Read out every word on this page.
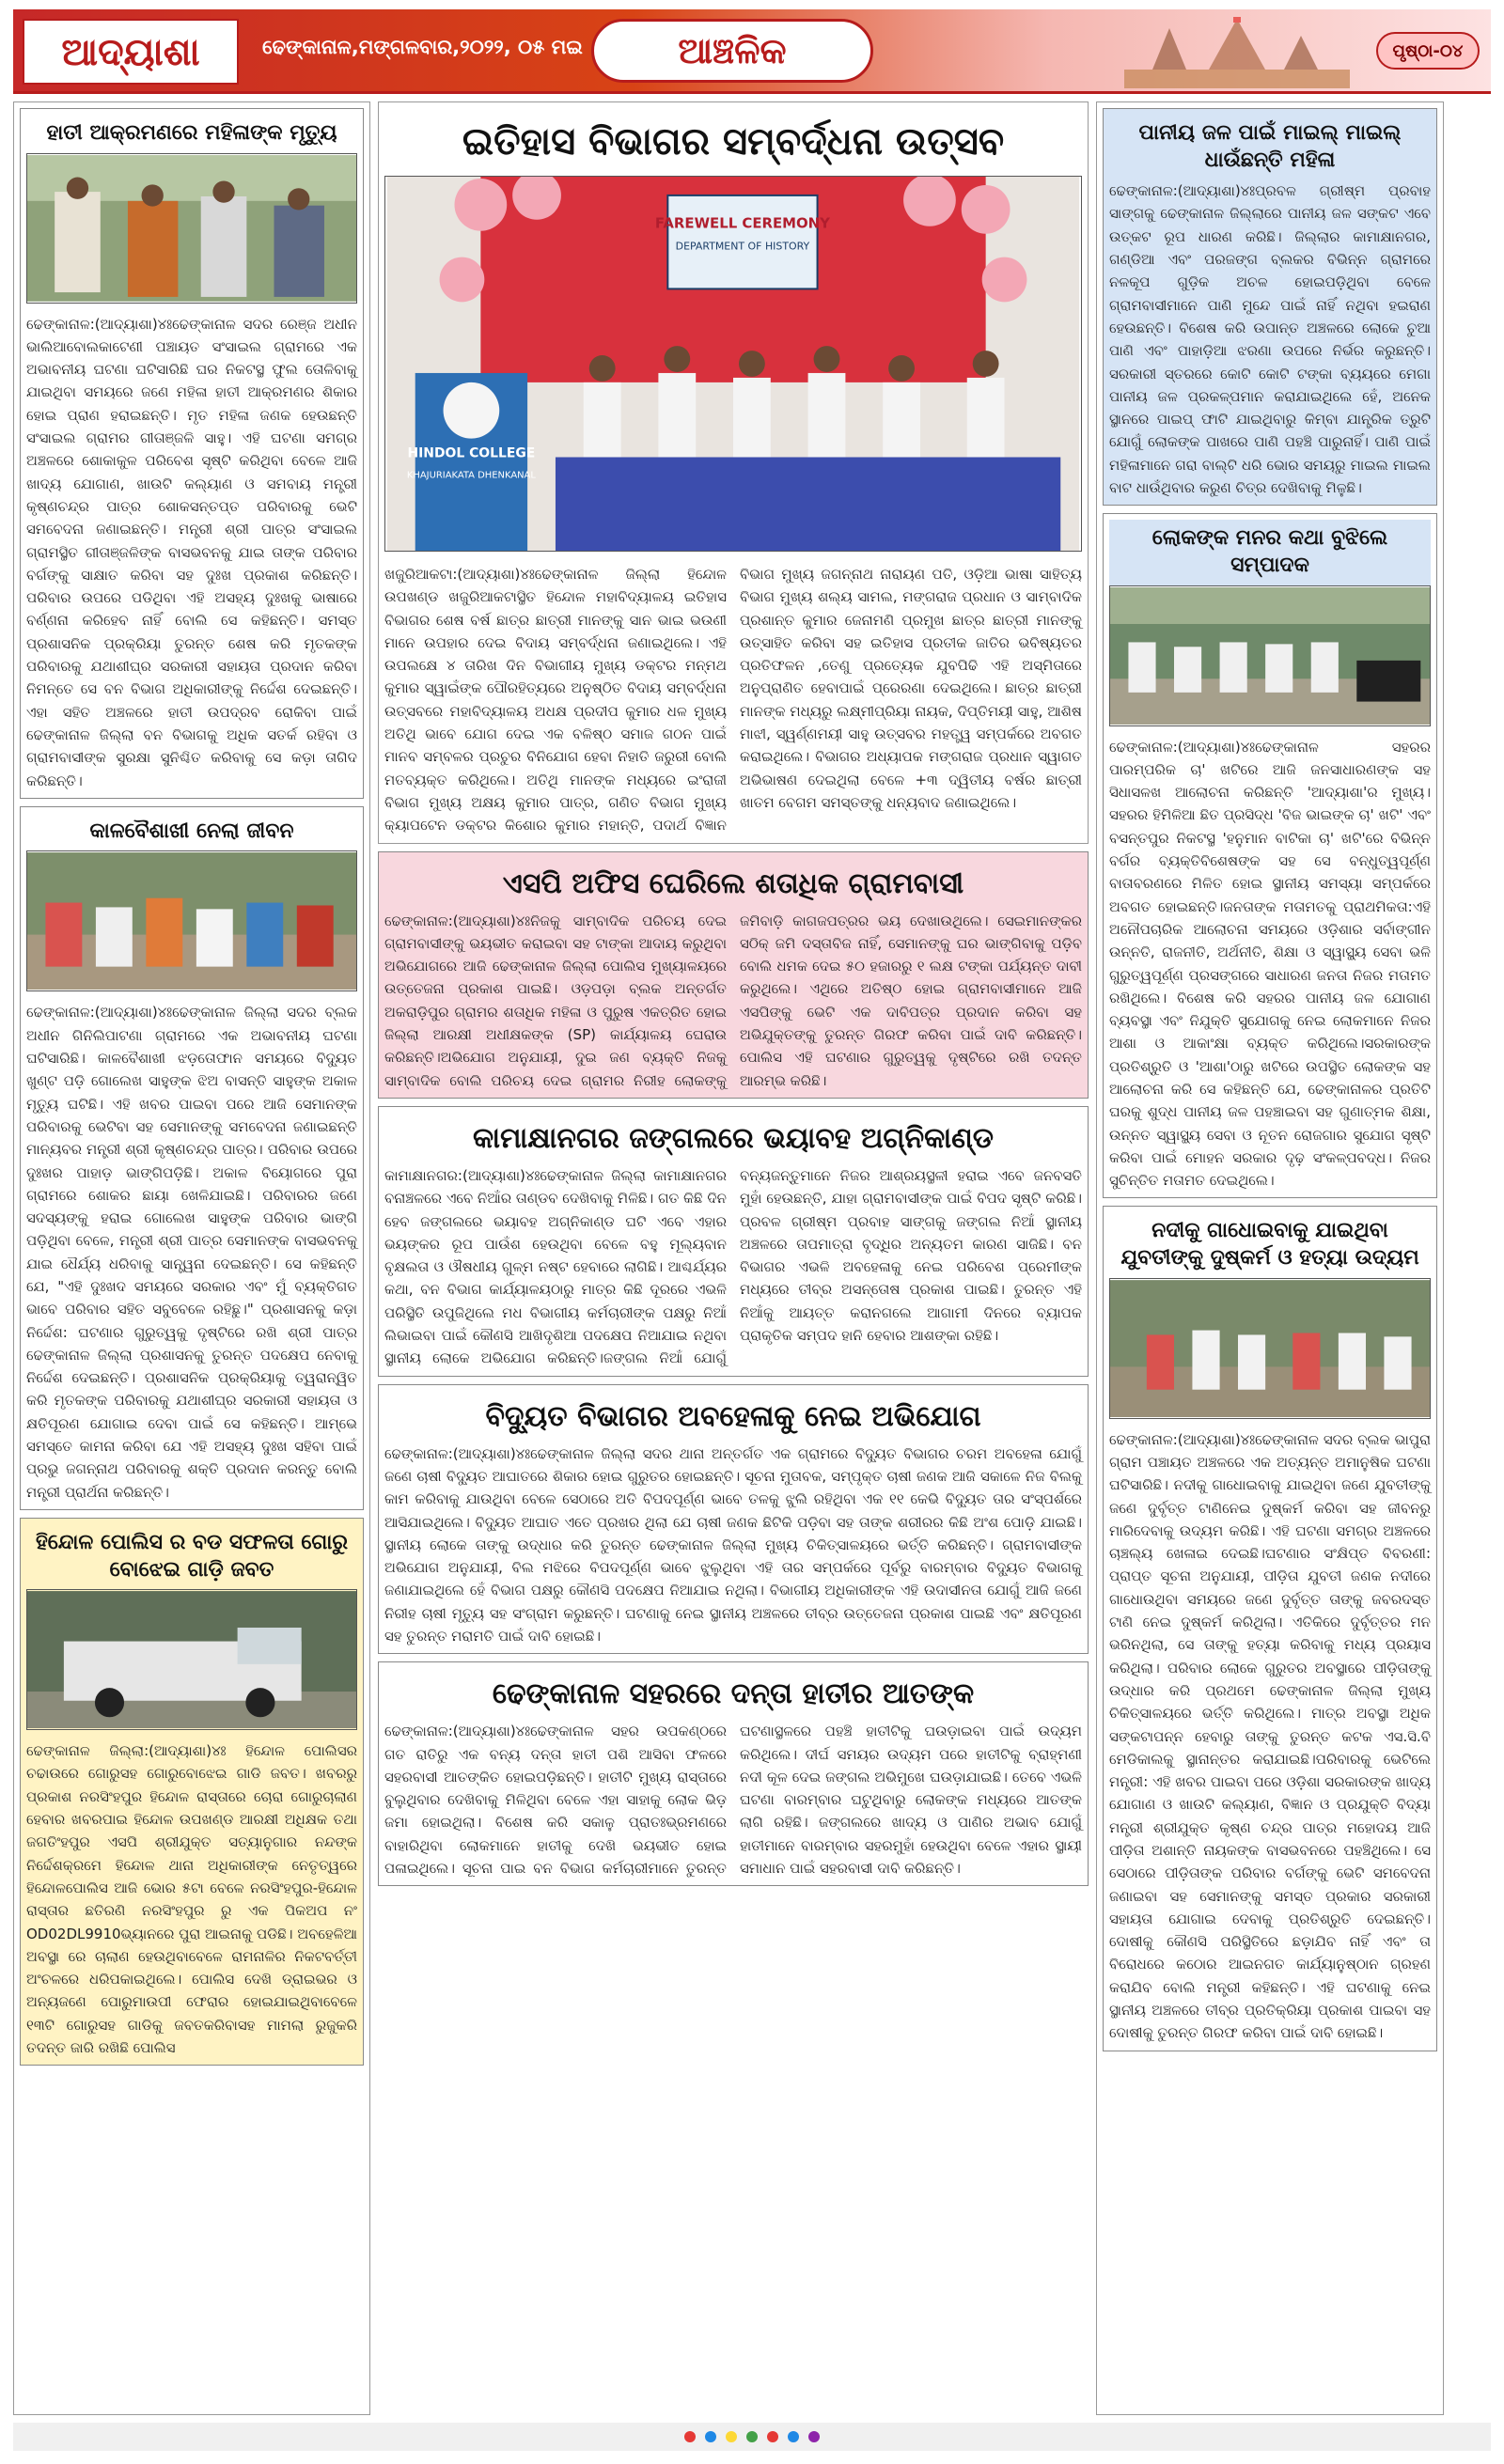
ଆଦ୍ୟାଶା	ଢେଙ୍କାନାଳ,ମଙ୍ଗଳବାର,୨୦୨୨, ୦୫ ମଇ	ଆଞ୍ଚଳିକ	ପୃଷ୍ଠା-୦୪
ହାତୀ ଆକ୍ରମଣରେ ମହିଳାଙ୍କ ମୃତ୍ୟୁ
ଢେଙ୍କାନାଳ:(ଆଦ୍ୟାଶା)୪ଃଢେଙ୍କାନାଳ ସଦର ରେଞ୍ଜ ଅଧୀନ ଭାଲିଆବୋଲକାଟେଣୀ ପଞ୍ଚାୟତ ସଂସାଇଲ ଗ୍ରାମରେ ଏକ ଅଭାବନୀୟ ଘଟଣା ଘଟିସାରିଛି ଘର ନିକଟସ୍ଥ ଫୁଲ ତୋଳିବାକୁ ଯାଇଥିବା ସମୟରେ ଜଣେ ମହିଳା ହାତୀ ଆକ୍ରମଣର ଶିକାର ହୋଇ ପ୍ରାଣ ହରାଇଛନ୍ତି। ମୃତ ମହିଳା ଜଣକ ହେଉଛନ୍ତି ସଂସାଇଲ ଗ୍ରାମର ଗୀତାଞ୍ଜଳି ସାହୁ। ଏହି ଘଟଣା ସମଗ୍ର ଅଞ୍ଚଳରେ ଶୋକାକୁଳ ପରିବେଶ ସୃଷ୍ଟି କରିଥିବା ବେଳେ ଆଜି ଖାଦ୍ୟ ଯୋଗାଣ, ଖାଉଟି କଲ୍ୟାଣ ଓ ସମବାୟ ମନ୍ତ୍ରୀ କୃଷ୍ଣଚନ୍ଦ୍ର ପାତ୍ର ଶୋକସନ୍ତପ୍ତ ପରିବାରକୁ ଭେଟି ସମବେଦନା ଜଣାଇଛନ୍ତି। ମନ୍ତ୍ରୀ ଶ୍ରୀ ପାତ୍ର ସଂସାଇଲ ଗ୍ରାମସ୍ଥିତ ଗୀତାଞ୍ଜଳିଙ୍କ ବାସଭବନକୁ ଯାଇ ତାଙ୍କ ପରିବାର ବର୍ଗଙ୍କୁ ସାକ୍ଷାତ କରିବା ସହ ଦୁଃଖ ପ୍ରକାଶ କରିଛନ୍ତି। ପରିବାର ଉପରେ ପଡିଥିବା ଏହି ଅସହ୍ୟ ଦୁଃଖକୁ ଭାଷାରେ ବର୍ଣ୍ଣନା କରିହେବ ନାହିଁ ବୋଲି ସେ କହିଛନ୍ତି। ସମସ୍ତ ପ୍ରଶାସନିକ ପ୍ରକ୍ରିୟା ତୁରନ୍ତ ଶେଷ କରି ମୃତକଙ୍କ ପରିବାରକୁ ଯଥାଶୀଘ୍ର ସରକାରୀ ସହାୟତା ପ୍ରଦାନ କରିବା ନିମନ୍ତେ ସେ ବନ ବିଭାଗ ଅଧିକାରୀଙ୍କୁ ନିର୍ଦ୍ଦେଶ ଦେଇଛନ୍ତି। ଏହା ସହିତ ଅଞ୍ଚଳରେ ହାତୀ ଉପଦ୍ରବ ରୋକିବା ପାଇଁ ଢେଙ୍କାନାଳ ଜିଲ୍ଲା ବନ ବିଭାଗକୁ ଅଧିକ ସତର୍କ ରହିବା ଓ ଗ୍ରାମବାସୀଙ୍କ ସୁରକ୍ଷା ସୁନିଶ୍ଚିତ କରିବାକୁ ସେ କଡ଼ା ତାଗିଦ କରିଛନ୍ତି।
କାଳବୈଶାଖୀ ନେଲା ଜୀବନ
ଢେଙ୍କାନାଳ:(ଆଦ୍ୟାଶା)୪ଃଢେଙ୍କାନାଳ ଜିଲ୍ଲା ସଦର ବ୍ଲକ ଅଧୀନ ଗିନିଲିପାଟଣା ଗ୍ରାମରେ ଏକ ଅଭାବନୀୟ ଘଟଣା ଘଟିସାରିଛି। କାଳବୈଶାଖୀ ଝଡ଼ତୋଫାନ ସମୟରେ ବିଦ୍ୟୁତ ଖୁଣ୍ଟ ପଡ଼ି ଗୋଲେଖ ସାହୁଙ୍କ ଝିଅ ବାସନ୍ତି ସାହୁଙ୍କ ଅକାଳ ମୃତ୍ୟୁ ଘଟିଛି। ଏହି ଖବର ପାଇବା ପରେ ଆଜି ସେମାନଙ୍କ ପରିବାରକୁ ଭେଟିବା ସହ ସେମାନଙ୍କୁ ସମବେଦନା ଜଣାଇଛନ୍ତି ମାନ୍ୟବର ମନ୍ତ୍ରୀ ଶ୍ରୀ କୃଷ୍ଣଚନ୍ଦ୍ର ପାତ୍ର। ପରିବାର ଉପରେ ଦୁଃଖର ପାହାଡ଼ ଭାଙ୍ଗିପଡ଼ିଛି। ଅକାଳ ବିୟୋଗରେ ପୁରା ଗ୍ରାମରେ ଶୋକର ଛାୟା ଖେଳିଯାଇଛି। ପରିବାରର ଜଣେ ସଦସ୍ୟଙ୍କୁ ହରାଇ ଗୋଲେଖ ସାହୁଙ୍କ ପରିବାର ଭାଙ୍ଗି ପଡ଼ିଥିବା ବେଳେ, ମନ୍ତ୍ରୀ ଶ୍ରୀ ପାତ୍ର ସେମାନଙ୍କ ବାସଭବନକୁ ଯାଇ ଧୈର୍ଯ୍ୟ ଧରିବାକୁ ସାନ୍ତ୍ୱନା ଦେଇଛନ୍ତି। ସେ କହିଛନ୍ତି ଯେ, "ଏହି ଦୁଃଖଦ ସମୟରେ ସରକାର ଏବଂ ମୁଁ ବ୍ୟକ୍ତିଗତ ଭାବେ ପରିବାର ସହିତ ସବୁବେଳେ ରହିଛୁ।" ପ୍ରଶାସନକୁ କଡ଼ା ନିର୍ଦ୍ଦେଶ: ଘଟଣାର ଗୁରୁତ୍ୱକୁ ଦୃଷ୍ଟିରେ ରଖି ଶ୍ରୀ ପାତ୍ର ଢେଙ୍କାନାଳ ଜିଲ୍ଲା ପ୍ରଶାସନକୁ ତୁରନ୍ତ ପଦକ୍ଷେପ ନେବାକୁ ନିର୍ଦ୍ଦେଶ ଦେଇଛନ୍ତି। ପ୍ରଶାସନିକ ପ୍ରକ୍ରିୟାକୁ ତ୍ୱରାନ୍ୱିତ କରି ମୃତକଙ୍କ ପରିବାରକୁ ଯଥାଶୀଘ୍ର ସରକାରୀ ସହାୟତା ଓ କ୍ଷତିପୂରଣ ଯୋଗାଇ ଦେବା ପାଇଁ ସେ କହିଛନ୍ତି। ଆମ୍ଭେ ସମସ୍ତେ କାମନା କରିବା ଯେ ଏହି ଅସହ୍ୟ ଦୁଃଖ ସହିବା ପାଇଁ ପ୍ରଭୁ ଜଗନ୍ନାଥ ପରିବାରକୁ ଶକ୍ତି ପ୍ରଦାନ କରନ୍ତୁ ବୋଲି ମନ୍ତ୍ରୀ ପ୍ରାର୍ଥନା କରିଛନ୍ତି।
ହିନ୍ଦୋଳ ପୋଲିସ ର ବଡ ସଫଳତା ଗୋରୁ ବୋଝେଇ ଗାଡ଼ି ଜବତ
ଢେଙ୍କାନାଳ ଜିଲ୍ଲା:(ଆଦ୍ୟାଶା)୪ଃ ହିନ୍ଦୋଳ ପୋଲିସର ଚଢାଉରେ ଗୋରୁସହ ଗୋରୁବୋଝେଇ ଗାଡି ଜବତ। ଖବରରୁ ପ୍ରକାଶ ନରସିଂହପୁର ହିନ୍ଦୋଳ ରାସ୍ତାରେ ଚୋରା ଗୋରୁଚାଲାଣ ହେବାର ଖବରପାଇ ହିନ୍ଦୋଳ ଉପଖଣ୍ଡ ଆରକ୍ଷୀ ଅଧିକ୍ଷକ ତଥା ଜଗତିଂହପୁର ଏସପି ଶ୍ରୀଯୁକ୍ତ ସତ୍ୟାନୁଗାର ନନ୍ଦଙ୍କ ନିର୍ଦ୍ଦେଶକ୍ରମେ ହିନ୍ଦୋଳ ଥାନା ଅଧିକାରୀଙ୍କ ନେତୃତ୍ୱରେ ହିନ୍ଦୋଳପୋଲିସ ଆଜି ଭୋର ୫ଟା ବେଳେ ନରସିଂହପୁର-ହିନ୍ଦୋଳ ରାସ୍ତାର ଛତିରଣି ନରସିଂହପୁର ରୁ ଏକ ପିକଅପ ନଂ OD02DL9910ଭ୍ୟାନରେ ପୁରା ଆଇନାକୁ ପଡିଛି। ଅବହେଳିଆ ଅବସ୍ଥା ରେ ଚାଲାଣ ହେଉଥିବାବେଳେ ରାମନାଳିର ନିକଟବର୍ତ୍ତୀ ଅଂଚଳରେ ଧରିପକାଇଥିଲେ। ପୋଲିସ ଦେଖି ଡ୍ରାଇଭର ଓ ଅନ୍ୟଜଣେ ପୋରୁମାଉପୀ ଫେରାର ହୋଇଯାଇଥିବାବେଳେ ୧୩ଟି ଗୋରୁସହ ଗାଡିକୁ ଜବତକରିବାସହ ମାମଲା ରୁଜୁକରି ତଦନ୍ତ ଜାରି ରଖିଛି ପୋଲିସ
ଇତିହାସ ବିଭାଗର ସମ୍ବର୍ଦ୍ଧନା ଉତ୍ସବ
FAREWELL CEREMONY
DEPARTMENT OF HISTORY
HINDOL COLLEGE
KHAJURIAKATA DHENKANAL
ଖଜୁରିଆକଟା:(ଆଦ୍ୟାଶା)୪ଃଢେଙ୍କାନାଳ ଜିଲ୍ଲା ହିନ୍ଦୋଳ ଉପଖଣ୍ଡ ଖଜୁରିଆକଟାସ୍ଥିତ ହିନ୍ଦୋଳ ମହାବିଦ୍ୟାଳୟ ଇତିହାସ ବିଭାଗର ଶେଷ ବର୍ଷ ଛାତ୍ର ଛାତ୍ରୀ ମାନଙ୍କୁ ସାନ ଭାଇ ଭଉଣୀ ମାନେ ଉପହାର ଦେଇ ବିଦାୟ ସମ୍ବର୍ଦ୍ଧନା ଜଣାଇଥିଲେ। ଏହି ଉପଲକ୍ଷେ ୪ ତାରିଖ ଦିନ ବିଭାଗୀୟ ମୁଖ୍ୟ ଡକ୍ଟର ମନ୍ମଥ କୁମାର ସ୍ୱାଇଁଙ୍କ ପୌରହିତ୍ୟରେ ଅନୁଷ୍ଠିତ ବିଦାୟ ସମ୍ବର୍ଦ୍ଧନା ଉତ୍ସବରେ ମହାବିଦ୍ୟାଳୟ ଅଧକ୍ଷ ପ୍ରଦୀପ କୁମାର ଧଳ ମୁଖ୍ୟ ଅତିଥି ଭାବେ ଯୋଗ ଦେଇ ଏକ ବଳିଷ୍ଠ ସମାଜ ଗଠନ ପାଇଁ ମାନବ ସମ୍ବଳର ପ୍ରଚୁର ବିନିଯୋଗ ହେବା ନିହାତି ଜରୁରୀ ବୋଲି ମତବ୍ୟକ୍ତ କରିଥିଲେ। ଅତିଥି ମାନଙ୍କ ମଧ୍ୟରେ ଇଂରାଜୀ ବିଭାଗ ମୁଖ୍ୟ ଅକ୍ଷୟ କୁମାର ପାତ୍ର, ଗଣିତ ବିଭାଗ ମୁଖ୍ୟ କ୍ୟାପଟେନ ଡକ୍ଟର କିଶୋର କୁମାର ମହାନ୍ତି, ପଦାର୍ଥ ବିଜ୍ଞାନ ବିଭାଗ ମୁଖ୍ୟ ଜଗନ୍ନାଥ ନାରାୟଣ ପତି, ଓଡ଼ିଆ ଭାଷା ସାହିତ୍ୟ ବିଭାଗ ମୁଖ୍ୟ ଶଲ୍ୟ ସାମଲ, ମଙ୍ଗରାଜ ପ୍ରଧାନ ଓ ସାମ୍ବାଦିକ ପ୍ରଶାନ୍ତ କୁମାର ଜେନାମଣି ପ୍ରମୁଖ ଛାତ୍ର ଛାତ୍ରୀ ମାନଙ୍କୁ ଉତ୍ସାହିତ କରିବା ସହ ଇତିହାସ ପ୍ରତୀକ ଜାତିର ଭବିଷ୍ୟତର ପ୍ରତିଫଳନ ,ତେଣୁ ପ୍ରତ୍ୟେକ ଯୁବପିଢି ଏହି ଅସ୍ମିତାରେ ଅନୁପ୍ରାଣିତ ହେବାପାଇଁ ପ୍ରେରଣା ଦେଇଥିଲେ। ଛାତ୍ର ଛାତ୍ରୀ ମାନଙ୍କ ମଧ୍ୟରୁ ଲକ୍ଷ୍ମୀପ୍ରିୟା ନାୟକ, ଦିପ୍ତିମୟୀ ସାହୁ, ଆଶିଷ ମାଝୀ, ସ୍ୱର୍ଣ୍ଣମୟୀ ସାହୁ ଉତ୍ସବର ମହତ୍ତ୍ୱ ସମ୍ପର୍କରେ ଅବଗତ କରାଇଥିଲେ। ବିଭାଗର ଅଧ୍ୟାପକ ମଙ୍ଗରାଜ ପ୍ରଧାନ ସ୍ୱାଗତ ଅଭିଭାଷଣ ଦେଇଥିଲା ବେଳେ +୩ ଦ୍ୱିତୀୟ ବର୍ଷର ଛାତ୍ରୀ ଖାତମ ବେଗମ ସମସ୍ତଙ୍କୁ ଧନ୍ୟବାଦ ଜଣାଇଥିଲେ।
ଏସପି ଅଫିସ ଘେରିଲେ ଶତାଧିକ ଗ୍ରାମବାସୀ
ଢେଙ୍କାନାଳ:(ଆଦ୍ୟାଶା)୪ଃନିଜକୁ ସାମ୍ବାଦିକ ପରିଚୟ ଦେଇ ଗ୍ରାମବାସୀଙ୍କୁ ଭୟଭୀତ କରାଇବା ସହ ଟାଙ୍କା ଆଦାୟ କରୁଥିବା ଅଭିଯୋଗରେ ଆଜି ଢେଙ୍କାନାଳ ଜିଲ୍ଲା ପୋଲିସ ମୁଖ୍ୟାଳୟରେ ଉତ୍ତେଜନା ପ୍ରକାଶ ପାଇଛି। ଓଡ଼ପଡ଼ା ବ୍ଲକ ଅନ୍ତର୍ଗତ ଅକରାଡ଼ିପୁର ଗ୍ରାମର ଶତାଧିକ ମହିଳା ଓ ପୁରୁଷ ଏକତ୍ରିତ ହୋଇ ଜିଲ୍ଲା ଆରକ୍ଷୀ ଅଧୀକ୍ଷକଙ୍କ (SP) କାର୍ଯ୍ୟାଳୟ ଘେରାଉ କରିଛନ୍ତି।ଅଭିଯୋଗ ଅନୁଯାୟୀ, ଦୁଇ ଜଣ ବ୍ୟକ୍ତି ନିଜକୁ ସାମ୍ବାଦିକ ବୋଲି ପରିଚୟ ଦେଇ ଗ୍ରାମର ନିରୀହ ଲୋକଙ୍କୁ ଜମିବାଡ଼ି କାଗଜପତ୍ରର ଭୟ ଦେଖାଉଥିଲେ। ସେଇମାନଙ୍କର ସଠିକ୍ ଜମି ଦସ୍ତାବିଜ ନାହିଁ, ସେମାନଙ୍କୁ ଘର ଭାଙ୍ଗିବାକୁ ପଡ଼ିବ ବୋଲି ଧମକ ଦେଇ ୫୦ ହଜାରରୁ ୧ ଲକ୍ଷ ଟଙ୍କା ପର୍ଯ୍ୟନ୍ତ ଦାବୀ କରୁଥିଲେ। ଏଥିରେ ଅତିଷ୍ଠ ହୋଇ ଗ୍ରାମବାସୀମାନେ ଆଜି ଏସପିଙ୍କୁ ଭେଟି ଏକ ଦାବିପତ୍ର ପ୍ରଦାନ କରିବା ସହ ଅଭିଯୁକ୍ତଙ୍କୁ ତୁରନ୍ତ ଗିରଫ କରିବା ପାଇଁ ଦାବି କରିଛନ୍ତି। ପୋଲିସ ଏହି ଘଟଣାର ଗୁରୁତ୍ୱକୁ ଦୃଷ୍ଟିରେ ରଖି ତଦନ୍ତ ଆରମ୍ଭ କରିଛି।
କାମାକ୍ଷାନଗର ଜଙ୍ଗଲରେ ଭୟାବହ ଅଗ୍ନିକାଣ୍ଡ
କାମାକ୍ଷାନଗର:(ଆଦ୍ୟାଶା)୪ଃଢେଙ୍କାନାଳ ଜିଲ୍ଲା କାମାକ୍ଷାନଗର ବନାଞ୍ଚଳରେ ଏବେ ନିଆଁର ତାଣ୍ଡବ ଦେଖିବାକୁ ମିଳିଛି। ଗତ କିଛି ଦିନ ହେବ ଜଙ୍ଗଲରେ ଭୟାବହ ଅଗ୍ନିକାଣ୍ଡ ଘଟି ଏବେ ଏହାର ଭୟଙ୍କର ରୂପ ପାଉଁଶ ହେଉଥିବା ବେଳେ ବହୁ ମୂଲ୍ୟବାନ ବୃକ୍ଷଲତା ଓ ଔଷଧୀୟ ଗୁଳ୍ମ ନଷ୍ଟ ହେବାରେ ଲାଗିଛି। ଆଶ୍ଚର୍ଯ୍ୟର କଥା, ବନ ବିଭାଗ କାର୍ଯ୍ୟାଳୟଠାରୁ ମାତ୍ର କିଛି ଦୂରରେ ଏଭଳି ପରିସ୍ଥିତି ଉପୁଜିଥିଲେ ମଧ ବିଭାଗୀୟ କର୍ମଚାରୀଙ୍କ ପକ୍ଷରୁ ନିଆଁ ଲିଭାଇବା ପାଇଁ କୌଣସି ଆଖିଦୃଶିଆ ପଦକ୍ଷେପ ନିଆଯାଇ ନଥିବା ସ୍ଥାନୀୟ ଲୋକେ ଅଭିଯୋଗ କରିଛନ୍ତି।ଜଙ୍ଗଲ ନିଆଁ ଯୋଗୁଁ ବନ୍ୟଜନ୍ତୁମାନେ ନିଜର ଆଶ୍ରୟସ୍ଥଳୀ ହରାଇ ଏବେ ଜନବସତି ମୁହାଁ ହେଉଛନ୍ତି, ଯାହା ଗ୍ରାମବାସୀଙ୍କ ପାଇଁ ବିପଦ ସୃଷ୍ଟି କରିଛି। ପ୍ରବଳ ଗ୍ରୀଷ୍ମ ପ୍ରବାହ ସାଙ୍ଗକୁ ଜଙ୍ଗଲ ନିଆଁ ସ୍ଥାନୀୟ ଅଞ୍ଚଳରେ ତାପମାତ୍ରା ବୃଦ୍ଧିର ଅନ୍ୟତମ କାରଣ ସାଜିଛି। ବନ ବିଭାଗର ଏଭଳି ଅବହେଳାକୁ ନେଇ ପରିବେଶ ପ୍ରେମୀଙ୍କ ମଧ୍ୟରେ ତୀବ୍ର ଅସନ୍ତୋଷ ପ୍ରକାଶ ପାଇଛି। ତୁରନ୍ତ ଏହି ନିଆଁକୁ ଆୟତ୍ତ କରାନଗଲେ ଆଗାମୀ ଦିନରେ ବ୍ୟାପକ ପ୍ରାକୃତିକ ସମ୍ପଦ ହାନି ହେବାର ଆଶଙ୍କା ରହିଛି।
ବିଦ୍ୟୁତ ବିଭାଗର ଅବହେଳାକୁ ନେଇ ଅଭିଯୋଗ
ଢେଙ୍କାନାଳ:(ଆଦ୍ୟାଶା)୪ଃଢେଙ୍କାନାଳ ଜିଲ୍ଲା ସଦର ଥାନା ଅନ୍ତର୍ଗତ ଏକ ଗ୍ରାମରେ ବିଦ୍ୟୁତ ବିଭାଗର ଚରମ ଅବହେଳା ଯୋଗୁଁ ଜଣେ ଚାଷୀ ବିଦ୍ୟୁତ ଆଘାତରେ ଶିକାର ହୋଇ ଗୁରୁତର ହୋଇଛନ୍ତି। ସୂଚନା ମୁତାବକ, ସମ୍ପୃକ୍ତ ଚାଷୀ ଜଣକ ଆଜି ସକାଳେ ନିଜ ବିଲକୁ କାମ କରିବାକୁ ଯାଉଥିବା ବେଳେ ସେଠାରେ ଅତି ବିପଦପୂର୍ଣ୍ଣ ଭାବେ ତଳକୁ ଝୁଲି ରହିଥିବା ଏକ ୧୧ କେଭି ବିଦ୍ୟୁତ ତାର ସଂସ୍ପର୍ଶରେ ଆସିଯାଇଥିଲେ। ବିଦ୍ୟୁତ ଆଘାତ ଏତେ ପ୍ରଖର ଥିଲା ଯେ ଚାଷୀ ଜଣକ ଛିଟିକି ପଡ଼ିବା ସହ ତାଙ୍କ ଶରୀରର କିଛି ଅଂଶ ପୋଡ଼ି ଯାଇଛି।ସ୍ଥାନୀୟ ଲୋକେ ତାଙ୍କୁ ଉଦ୍ଧାର କରି ତୁରନ୍ତ ଢେଙ୍କାନାଳ ଜିଲ୍ଲା ମୁଖ୍ୟ ଚିକିତ୍ସାଳୟରେ ଭର୍ତ୍ତି କରିଛନ୍ତି। ଗ୍ରାମବାସୀଙ୍କ ଅଭିଯୋଗ ଅନୁଯାୟୀ, ବିଲ ମଝିରେ ବିପଦପୂର୍ଣ୍ଣ ଭାବେ ଝୁଲୁଥିବା ଏହି ତାର ସମ୍ପର୍କରେ ପୂର୍ବରୁ ବାରମ୍ବାର ବିଦ୍ୟୁତ ବିଭାଗକୁ ଜଣାଯାଇଥିଲେ ହେଁ ବିଭାଗ ପକ୍ଷରୁ କୌଣସି ପଦକ୍ଷେପ ନିଆଯାଇ ନଥିଲା। ବିଭାଗୀୟ ଅଧିକାରୀଙ୍କ ଏହି ଉଦାସୀନତା ଯୋଗୁଁ ଆଜି ଜଣେ ନିରୀହ ଚାଷୀ ମୃତ୍ୟୁ ସହ ସଂଗ୍ରାମ କରୁଛନ୍ତି। ଘଟଣାକୁ ନେଇ ସ୍ଥାନୀୟ ଅଞ୍ଚଳରେ ତୀବ୍ର ଉତ୍ତେଜନା ପ୍ରକାଶ ପାଇଛି ଏବଂ କ୍ଷତିପୂରଣ ସହ ତୁରନ୍ତ ମରାମତି ପାଇଁ ଦାବି ହୋଇଛି।
ଢେଙ୍କାନାଳ ସହରରେ ଦନ୍ତା ହାତୀର ଆତଙ୍କ
ଢେଙ୍କାନାଳ:(ଆଦ୍ୟାଶା)୪ଃଢେଙ୍କାନାଳ ସହର ଉପକଣ୍ଠରେ ଗତ ରାତିରୁ ଏକ ବନ୍ୟ ଦନ୍ତା ହାତୀ ପଶି ଆସିବା ଫଳରେ ସହରବାସୀ ଆତଙ୍କିତ ହୋଇପଡ଼ିଛନ୍ତି। ହାତୀଟି ମୁଖ୍ୟ ରାସ୍ତାରେ ବୁଲୁଥିବାର ଦେଖିବାକୁ ମିଳିଥିବା ବେଳେ ଏହା ସାହାକୁ ଲୋକ ଭିଡ଼ ଜମା ହୋଇଥିଲା। ବିଶେଷ କରି ସକାଳୁ ପ୍ରାତଃଭ୍ରମଣରେ ବାହାରିଥିବା ଲୋକମାନେ ହାତୀକୁ ଦେଖି ଭୟଭୀତ ହୋଇ ପଳାଇଥିଲେ। ସୂଚନା ପାଇ ବନ ବିଭାଗ କର୍ମଚାରୀମାନେ ତୁରନ୍ତ ଘଟଣାସ୍ଥଳରେ ପହଞ୍ଚି ହାତୀଟିକୁ ଘଉଡ଼ାଇବା ପାଇଁ ଉଦ୍ୟମ କରିଥିଲେ। ଦୀର୍ଘ ସମୟର ଉଦ୍ୟମ ପରେ ହାତୀଟିକୁ ବ୍ରାହ୍ମଣୀ ନଦୀ କୂଳ ଦେଇ ଜଙ୍ଗଲ ଅଭିମୁଖେ ଘଉଡ଼ାଯାଇଛି। ତେବେ ଏଭଳି ଘଟଣା ବାରମ୍ବାର ଘଟୁଥିବାରୁ ଲୋକଙ୍କ ମଧ୍ୟରେ ଆତଙ୍କ ଲାଗି ରହିଛି। ଜଙ୍ଗଲରେ ଖାଦ୍ୟ ଓ ପାଣିର ଅଭାବ ଯୋଗୁଁ ହାତୀମାନେ ବାରମ୍ବାର ସହରମୁହାଁ ହେଉଥିବା ବେଳେ ଏହାର ସ୍ଥାୟୀ ସମାଧାନ ପାଇଁ ସହରବାସୀ ଦାବି କରିଛନ୍ତି।
ପାନୀୟ ଜଳ ପାଇଁ ମାଇଲ୍ ମାଇଲ୍ ଧାଉଁଛନ୍ତି ମହିଳା
ଢେଙ୍କାନାଳ:(ଆଦ୍ୟାଶା)୪ଃପ୍ରବଳ ଗ୍ରୀଷ୍ମ ପ୍ରବାହ ସାଙ୍ଗକୁ ଢେଙ୍କାନାଳ ଜିଲ୍ଲାରେ ପାନୀୟ ଜଳ ସଙ୍କଟ ଏବେ ଉତ୍କଟ ରୂପ ଧାରଣ କରିଛି। ଜିଲ୍ଲାର କାମାକ୍ଷାନଗର, ଗଣ୍ଡିଆ ଏବଂ ପରଜଙ୍ଗ ବ୍ଲକର ବିଭିନ୍ନ ଗ୍ରାମରେ ନଳକୂପ ଗୁଡ଼ିକ ଅଚଳ ହୋଇପଡ଼ିଥିବା ବେଳେ ଗ୍ରାମବାସୀମାନେ ପାଣି ମୁନ୍ଦେ ପାଇଁ ନାହିଁ ନଥିବା ହଇରାଣ ହେଉଛନ୍ତି। ବିଶେଷ କରି ଉପାନ୍ତ ଅଞ୍ଚଳରେ ଲୋକେ ଚୁଆ ପାଣି ଏବଂ ପାହାଡ଼ିଆ ଝରଣା ଉପରେ ନିର୍ଭର କରୁଛନ୍ତି। ସରକାରୀ ସ୍ତରରେ କୋଟି କୋଟି ଟଙ୍କା ବ୍ୟୟରେ ମେଗା ପାନୀୟ ଜଳ ପ୍ରକଳ୍ପମାନ କରାଯାଇଥିଲେ ହେଁ, ଅନେକ ସ୍ଥାନରେ ପାଇପ୍ ଫାଟି ଯାଇଥିବାରୁ କିମ୍ବା ଯାନ୍ତ୍ରିକ ତ୍ରୁଟି ଯୋଗୁଁ ଲୋକଙ୍କ ପାଖରେ ପାଣି ପହଞ୍ଚି ପାରୁନାହିଁ। ପାଣି ପାଇଁ ମହିଳାମାନେ ଗରା ବାଲ୍‌ଟି ଧରି ଭୋର ସମୟରୁ ମାଇଲ ମାଇଲ ବାଟ ଧାଉଁଥିବାର କରୁଣ ଚିତ୍ର ଦେଖିବାକୁ ମିଳୁଛି।
ଲୋକଙ୍କ ମନର କଥା ବୁଝିଲେ ସମ୍ପାଦକ
ଢେଙ୍କାନାଳ:(ଆଦ୍ୟାଶା)୪ଃଢେଙ୍କାନାଳ ସହରର ପାରମ୍ପରିକ ଚା' ଖଟିରେ ଆଜି ଜନସାଧାରଣଙ୍କ ସହ ସିଧାସଳଖ ଆଲୋଚନା କରିଛନ୍ତି 'ଆଦ୍ୟାଶା'ର ମୁଖ୍ୟ। ସହରର ହିମିଳିଆ ଛିତ ପ୍ରସିଦ୍ଧ 'ବିଜ ଭାଇଙ୍କ ଚା' ଖଟି' ଏବଂ ବସନ୍ତପୁର ନିକଟସ୍ଥ 'ହନୁମାନ ବାଟିକା ଚା' ଖଟି'ରେ ବିଭିନ୍ନ ବର୍ଗର ବ୍ୟକ୍ତିବିଶେଷଙ୍କ ସହ ସେ ବନ୍ଧୁତ୍ୱପୂର୍ଣ୍ଣ ବାତାବରଣରେ ମିଳିତ ହୋଇ ସ୍ଥାନୀୟ ସମସ୍ୟା ସମ୍ପର୍କରେ ଅବଗତ ହୋଇଛନ୍ତି।ଜନତାଙ୍କ ମତାମତକୁ ପ୍ରାଥମିକତା:ଏହି ଅନୌପଚାରିକ ଆଲୋଚନା ସମୟରେ ଓଡ଼ିଶାର ସର୍ବାଙ୍ଗୀନ ଉନ୍ନତି, ରାଜନୀତି, ଅର୍ଥନୀତି, ଶିକ୍ଷା ଓ ସ୍ୱାସ୍ଥ୍ୟ ସେବା ଭଳି ଗୁରୁତ୍ୱପୂର୍ଣ୍ଣ ପ୍ରସଙ୍ଗରେ ସାଧାରଣ ଜନତା ନିଜର ମତାମତ ରଖିଥିଲେ। ବିଶେଷ କରି ସହରର ପାନୀୟ ଜଳ ଯୋଗାଣ ବ୍ୟବସ୍ଥା ଏବଂ ନିଯୁକ୍ତି ସୁଯୋଗକୁ ନେଇ ଲୋକମାନେ ନିଜର ଆଶା ଓ ଆକାଂକ୍ଷା ବ୍ୟକ୍ତ କରିଥିଲେ।ସରକାରଙ୍କ ପ୍ରତିଶ୍ରୁତି ଓ 'ଆଶା'ଠାରୁ ଖଟିରେ ଉପସ୍ଥିତ ଲୋକଙ୍କ ସହ ଆଲୋଚନା କରି ସେ କହିଛନ୍ତି ଯେ, ଢେଙ୍କାନାଳର ପ୍ରତିଟି ଘରକୁ ଶୁଦ୍ଧ ପାନୀୟ ଜଳ ପହଞ୍ଚାଇବା ସହ ଗୁଣାତ୍ମକ ଶିକ୍ଷା, ଉନ୍ନତ ସ୍ୱାସ୍ଥ୍ୟ ସେବା ଓ ନୂତନ ରୋଜଗାର ସୁଯୋଗ ସୃଷ୍ଟି କରିବା ପାଇଁ ମୋହନ ସରକାର ଦୃଢ଼ ସଂକଳ୍ପବଦ୍ଧ। ନିଜର ସୁଚିନ୍ତିତ ମତାମତ ଦେଇଥିଲେ।
ନଦୀକୁ ଗାଧୋଇବାକୁ ଯାଇଥିବା ଯୁବତୀଙ୍କୁ ଦୁଷ୍କର୍ମ ଓ ହତ୍ୟା ଉଦ୍ୟମ
ଢେଙ୍କାନାଳ:(ଆଦ୍ୟାଶା)୪ଃଢେଙ୍କାନାଳ ସଦର ବ୍ଲକ ଭାପୁରା ଗ୍ରାମ ପଞ୍ଚାୟତ ଅଞ୍ଚଳରେ ଏକ ଅତ୍ୟନ୍ତ ଅମାନୁଷିକ ଘଟଣା ଘଟିସାରିଛି। ନଦୀକୁ ଗାଧୋଇବାକୁ ଯାଇଥିବା ଜଣେ ଯୁବତୀଙ୍କୁ ଜଣେ ଦୁର୍ବୃତ୍ତ ଟାଣିନେଇ ଦୁଷ୍କର୍ମ କରିବା ସହ ଜୀବନରୁ ମାରିଦେବାକୁ ଉଦ୍ୟମ କରିଛି। ଏହି ଘଟଣା ସମଗ୍ର ଅଞ୍ଚଳରେ ଚାଞ୍ଚଲ୍ୟ ଖେଳାଇ ଦେଇଛି।ଘଟଣାର ସଂକ୍ଷିପ୍ତ ବିବରଣୀ: ପ୍ରାପ୍ତ ସୂଚନା ଅନୁଯାୟୀ, ପୀଡ଼ିତା ଯୁବତୀ ଜଣକ ନଦୀରେ ଗାଧୋଉଥିବା ସମୟରେ ଜଣେ ଦୁର୍ବୃତ୍ତ ତାଙ୍କୁ ଜବରଦସ୍ତ ଟାଣି ନେଇ ଦୁଷ୍କର୍ମ କରିଥିଲା। ଏତିକିରେ ଦୁର୍ବୃତ୍ତର ମନ ଭରିନଥିଲା, ସେ ତାଙ୍କୁ ହତ୍ୟା କରିବାକୁ ମଧ୍ୟ ପ୍ରୟାସ କରିଥିଲା। ପରିବାର ଲୋକେ ଗୁରୁତର ଅବସ୍ଥାରେ ପୀଡ଼ିତାଙ୍କୁ ଉଦ୍ଧାର କରି ପ୍ରଥମେ ଢେଙ୍କାନାଳ ଜିଲ୍ଲା ମୁଖ୍ୟ ଚିକିତ୍ସାଳୟରେ ଭର୍ତ୍ତି କରିଥିଲେ। ମାତ୍ର ଅବସ୍ଥା ଅଧିକ ସଙ୍କଟାପନ୍ନ ହେବାରୁ ତାଙ୍କୁ ତୁରନ୍ତ କଟକ ଏସ.ସି.ବି ମେଡିକାଲକୁ ସ୍ଥାନାନ୍ତର କରାଯାଇଛି।ପରିବାରକୁ ଭେଟିଲେ ମନ୍ତ୍ରୀ: ଏହି ଖବର ପାଇବା ପରେ ଓଡ଼ିଶା ସରକାରଙ୍କ ଖାଦ୍ୟ ଯୋଗାଣ ଓ ଖାଉଟି କଲ୍ୟାଣ, ବିଜ୍ଞାନ ଓ ପ୍ରଯୁକ୍ତି ବିଦ୍ୟା ମନ୍ତ୍ରୀ ଶ୍ରୀଯୁକ୍ତ କୃଷ୍ଣ ଚନ୍ଦ୍ର ପାତ୍ର ମହୋଦୟ ଆଜି ପୀଡ଼ିତା ଅଶାନ୍ତି ନାୟକଙ୍କ ବାସଭବନରେ ପହଞ୍ଚିଥିଲେ। ସେ ସେଠାରେ ପୀଡ଼ିତାଙ୍କ ପରିବାର ବର୍ଗଙ୍କୁ ଭେଟି ସମବେଦନା ଜଣାଇବା ସହ ସେମାନଙ୍କୁ ସମସ୍ତ ପ୍ରକାର ସରକାରୀ ସହାୟତା ଯୋଗାଇ ଦେବାକୁ ପ୍ରତିଶ୍ରୁତି ଦେଇଛନ୍ତି। ଦୋଷୀକୁ କୌଣସି ପରିସ୍ଥିତିରେ ଛଡ଼ାଯିବ ନାହିଁ ଏବଂ ତା ବିରୋଧରେ କଠୋର ଆଇନଗତ କାର୍ଯ୍ୟାନୁଷ୍ଠାନ ଗ୍ରହଣ କରାଯିବ ବୋଲି ମନ୍ତ୍ରୀ କହିଛନ୍ତି। ଏହି ଘଟଣାକୁ ନେଇ ସ୍ଥାନୀୟ ଅଞ୍ଚଳରେ ତୀବ୍ର ପ୍ରତିକ୍ରିୟା ପ୍ରକାଶ ପାଇବା ସହ ଦୋଷୀକୁ ତୁରନ୍ତ ଗିରଫ କରିବା ପାଇଁ ଦାବି ହୋଇଛି।
